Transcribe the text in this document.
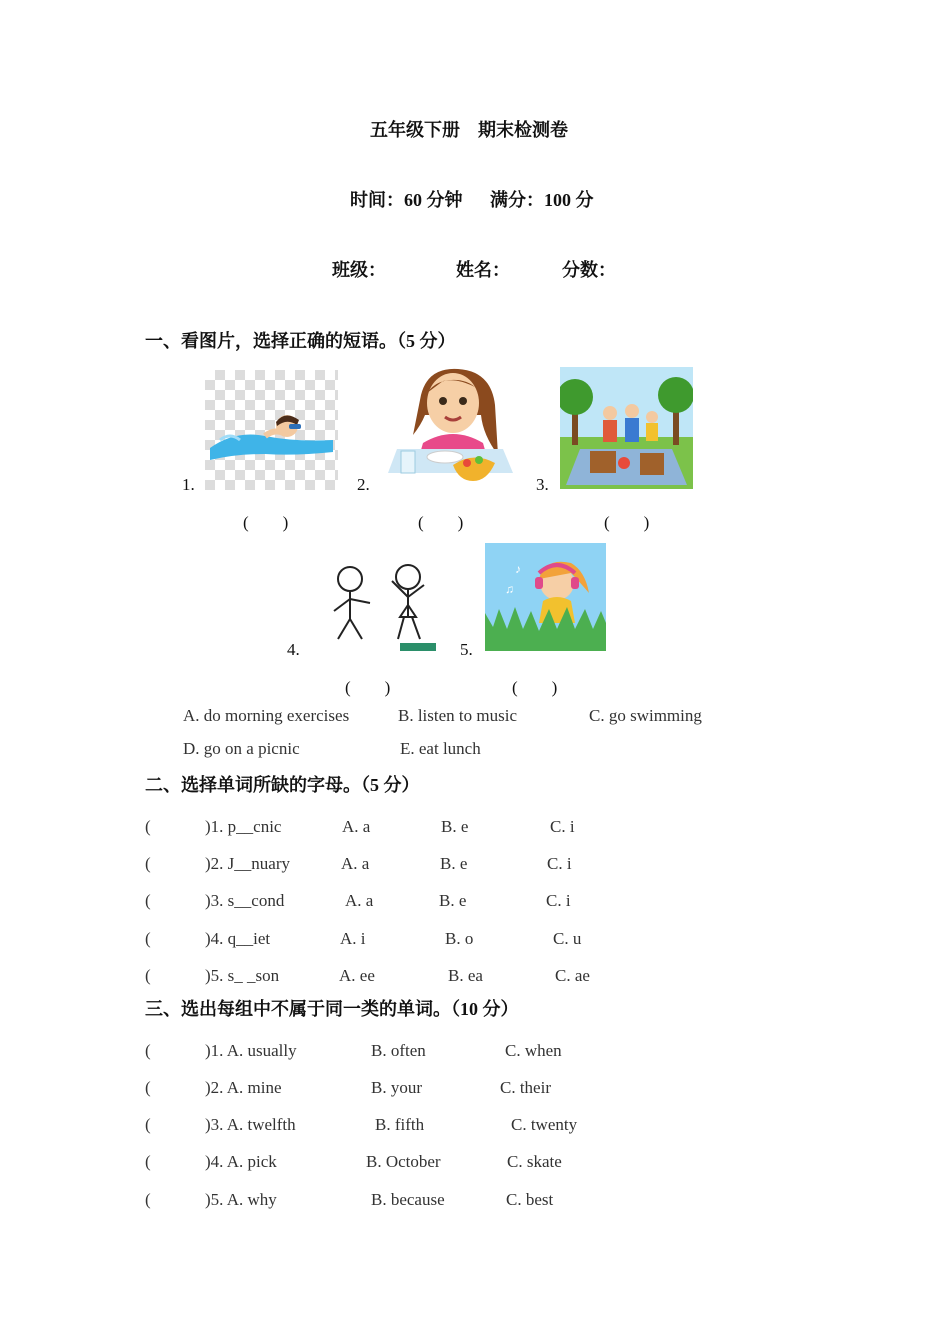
五年级下册　期末检测卷
时间：60 分钟 满分：100 分
班级：	姓名：	分数：
一、看图片，选择正确的短语。（5 分）
1.	2.	3.
(　　)	(　　)	(　　)
4.
♪
♫
5.
(　　)	(　　)
A. do morning exercises	B. listen to music	C. go swimming
D. go on a picnic	E. eat lunch
二、选择单词所缺的字母。（5 分）
(	)1. p__cnic	A. a	B. e	C. i
(	)2. J__nuary	A. a	B. e	C. i
(	)3. s__cond	A. a	B. e	C. i
(	)4. q__iet	A. i	B. o	C. u
(	)5. s_ _son	A. ee	B. ea	C. ae
三、选出每组中不属于同一类的单词。（10 分）
(	)1. A. usually	B. often	C. when
(	)2. A. mine	B. your	C. their
(	)3. A. twelfth	B. fifth	C. twenty
(	)4. A. pick	B. October	C. skate
(	)5. A. why	B. because	C. best
